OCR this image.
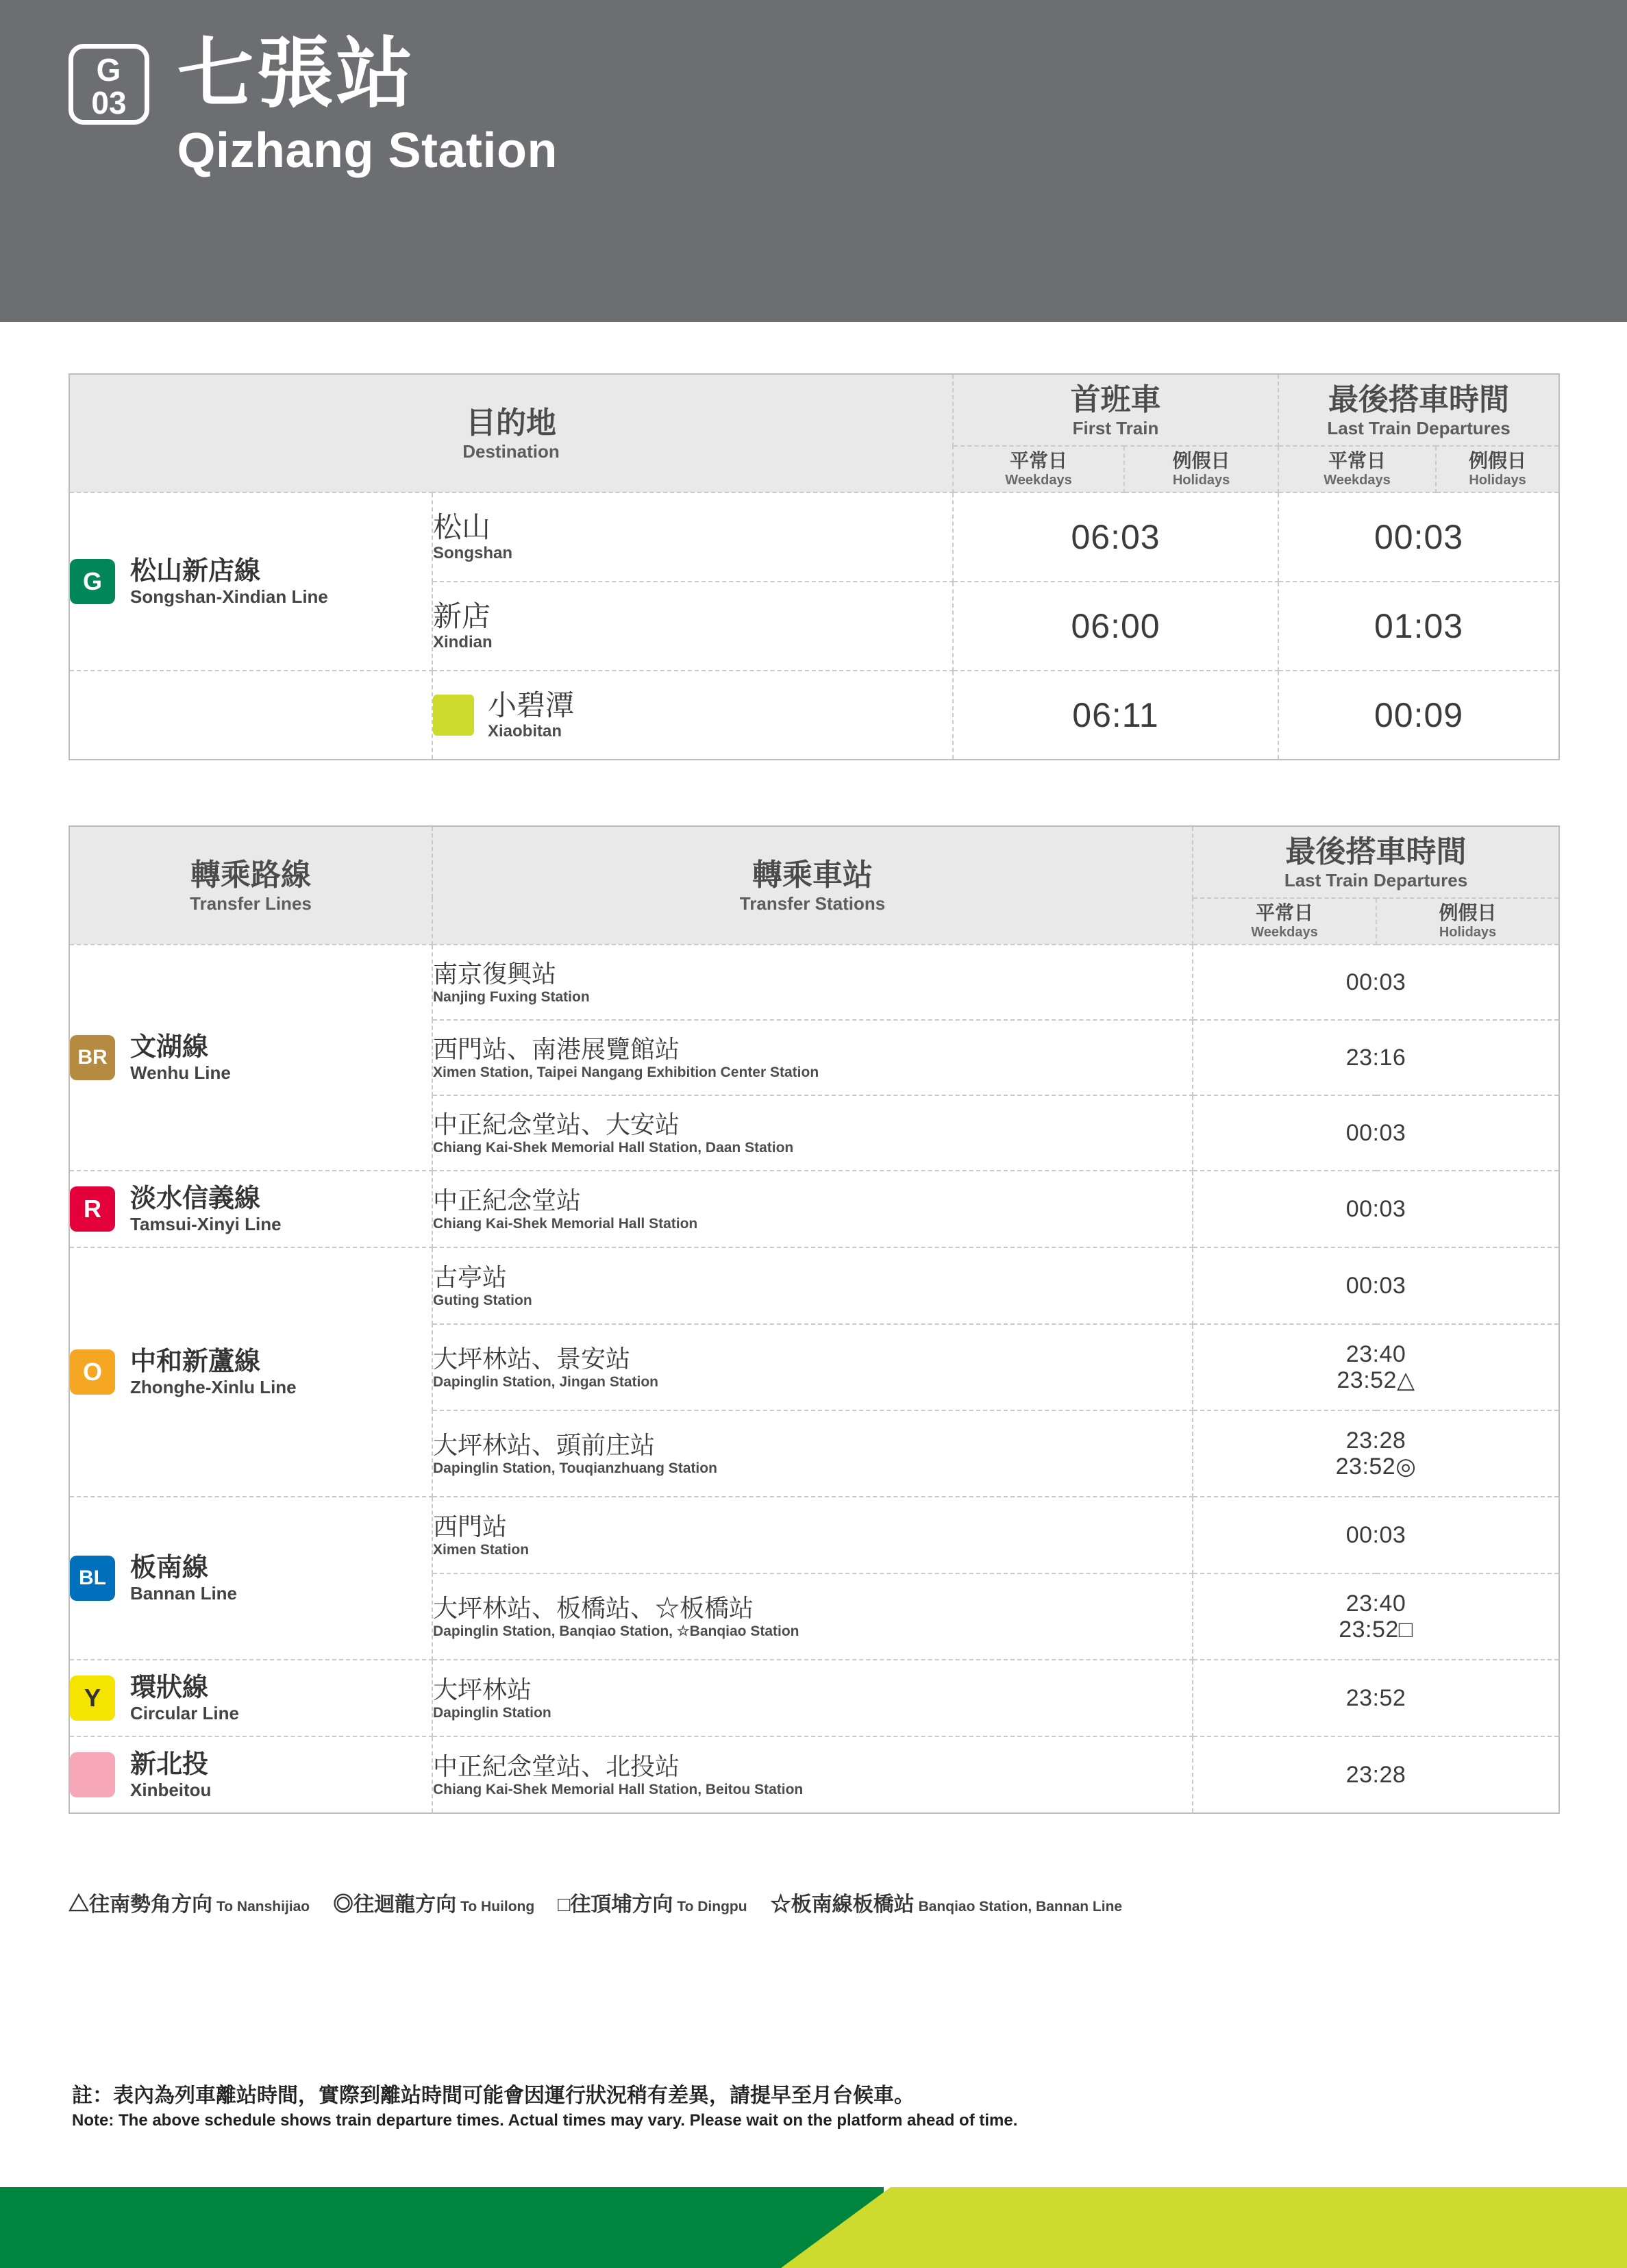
G
03
七張站
Qizhang Station
目的地
Destination

首班車
First Train

最後搭車時間
Last Train Departures

平常日
Weekdays

例假日
Holidays

平常日
Weekdays

例假日
Holidays

G	松山新店線
Songshan-Xindian Line

松山
Songshan	06:03	00:03

	新店
Xindian	06:00		01:03	

	小碧潭
Xiaobitan	06:11		00:09	
轉乘路線
Transfer Lines

轉乘車站
Transfer Stations

最後搭車時間
Last Train Departures

平常日
Weekdays

例假日
Holidays

BR 文湖線
Wenhu Line

南京復興站
Nanjing Fuxing Station
	00:03

	西門站、南港展覽館站
Ximen Station, Taipei Nangang Exhibition Center Station	23:16	

	中正紀念堂站、大安站
Chiang Kai-Shek Memorial Hall Station, Daan Station	00:03	

R	淡水信義線
Tamsui-Xinyi Line

中正紀念堂站
Chiang Kai-Shek Memorial Hall Station
	00:03

O	中和新蘆線
Zhonghe-Xinlu Line

古亭站
Guting Station
	00:03

大坪林站、景安站
Dapinglin Station, Jingan Station

23:40
23:52△

大坪林站、頭前庄站
Dapinglin Station, Touqianzhuang Station

23:28
23:52◎

BL 板南線
Bannan Line

西門站
Ximen Station
	00:03

大坪林站、板橋站、☆板橋站
Dapinglin Station, Banqiao Station, ☆Banqiao Station

23:40
23:52□

Y	環狀線
Circular Line

大坪林站
Dapinglin Station
	23:52

新北投
Xinbeitou

中正紀念堂站、北投站
Chiang Kai-Shek Memorial Hall Station, Beitou Station
	23:28
△往南勢角方向 To Nanshijiao ◎往迴龍方向 To Huilong □往頂埔方向 To Dingpu ☆板南線板橋站 Banqiao Station, Bannan Line
註：表內為列車離站時間，實際到離站時間可能會因運行狀況稍有差異，請提早至月台候車。
Note: The above schedule shows train departure times. Actual times may vary. Please wait on the platform ahead of time.
